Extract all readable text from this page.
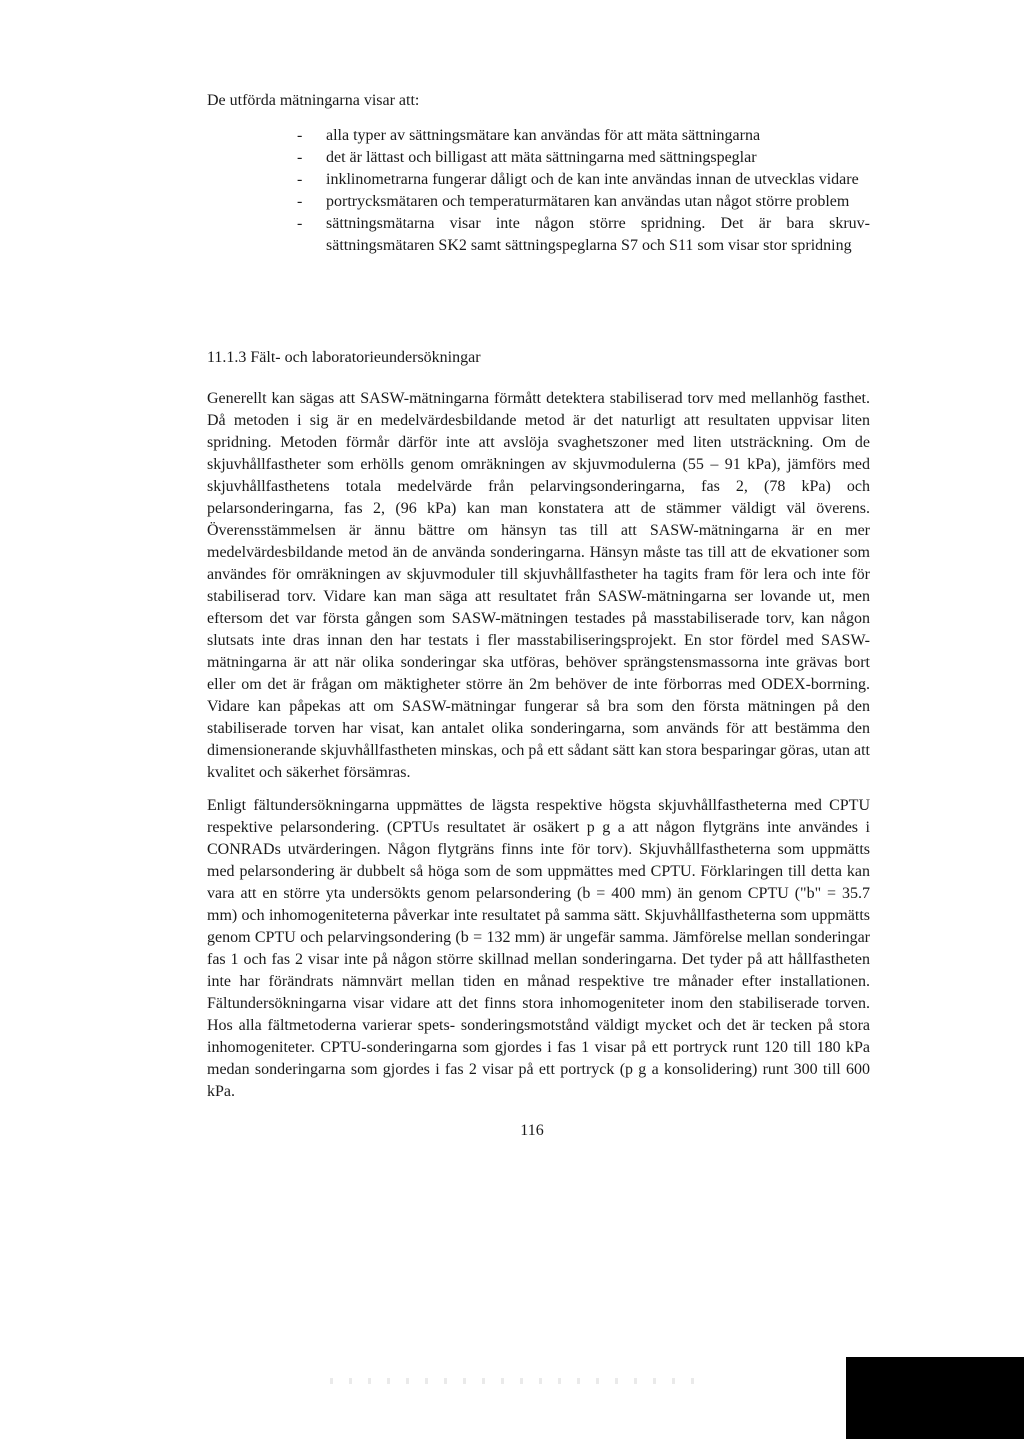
De utförda mätningarna visar att:

- alla typer av sättningsmätare kan användas för att mäta sättningarna
- det är lättast och billigast att mäta sättningarna med sättningspeglar
- inklinometrarna fungerar dåligt och de kan inte användas innan de utvecklas vidare
- portrycksmätaren och temperaturmätaren kan användas utan något större problem
- sättningsmätarna visar inte någon större spridning. Det är bara skruv-sättningsmätaren SK2 samt sättningspeglarna S7 och S11 som visar stor spridning
11.1.3 Fält- och laboratorieundersökningar

Generellt kan sägas att SASW-mätningarna förmått detektera stabiliserad torv med mellanhög fasthet. Då metoden i sig är en medelvärdesbildande metod är det naturligt att resultaten uppvisar liten spridning. Metoden förmår därför inte att avslöja svaghetszoner med liten utsträckning. Om de skjuvhållfastheter som erhölls genom omräkningen av skjuvmodulerna (55 – 91 kPa), jämförs med skjuvhållfasthetens totala medelvärde från pelarvingsonderingarna, fas 2, (78 kPa) och pelarsonderingarna, fas 2, (96 kPa) kan man konstatera att de stämmer väldigt väl överens. Överensstämmelsen är ännu bättre om hänsyn tas till att SASW-mätningarna är en mer medelvärdesbildande metod än de använda sonderingarna. Hänsyn måste tas till att de ekvationer som användes för omräkningen av skjuvmoduler till skjuvhållfastheter ha tagits fram för lera och inte för stabiliserad torv. Vidare kan man säga att resultatet från SASW-mätningarna ser lovande ut, men eftersom det var första gången som SASW-mätningen testades på masstabiliserade torv, kan någon slutsats inte dras innan den har testats i fler masstabiliseringsprojekt. En stor fördel med SASW-mätningarna är att när olika sonderingar ska utföras, behöver sprängstensmassorna inte grävas bort eller om det är frågan om mäktigheter större än 2m behöver de inte förborras med ODEX-borrning. Vidare kan påpekas att om SASW-mätningar fungerar så bra som den första mätningen på den stabiliserade torven har visat, kan antalet olika sonderingarna, som används för att bestämma den dimensionerande skjuvhållfastheten minskas, och på ett sådant sätt kan stora besparingar göras, utan att kvalitet och säkerhet försämras.

Enligt fältundersökningarna uppmättes de lägsta respektive högsta skjuvhållfastheterna med CPTU respektive pelarsondering. (CPTUs resultatet är osäkert p g a att någon flytgräns inte användes i CONRADs utvärderingen. Någon flytgräns finns inte för torv). Skjuvhållfastheterna som uppmätts med pelarsondering är dubbelt så höga som de som uppmättes med CPTU. Förklaringen till detta kan vara att en större yta undersökts genom pelarsondering (b = 400 mm) än genom CPTU ("b" = 35.7 mm) och inhomogeniteterna påverkar inte resultatet på samma sätt. Skjuvhållfastheterna som uppmätts genom CPTU och pelarvingsondering (b = 132 mm) är ungefär samma. Jämförelse mellan sonderingar fas 1 och fas 2 visar inte på någon större skillnad mellan sonderingarna. Det tyder på att hållfastheten inte har förändrats nämnvärt mellan tiden en månad respektive tre månader efter installationen. Fältundersökningarna visar vidare att det finns stora inhomogeniteter inom den stabiliserade torven. Hos alla fältmetoderna varierar spets- sonderingsmotstånd väldigt mycket och det är tecken på stora inhomogeniteter. CPTU-sonderingarna som gjordes i fas 1 visar på ett portryck runt 120 till 180 kPa medan sonderingarna som gjordes i fas 2 visar på ett portryck (p g a konsolidering) runt 300 till 600 kPa.

116
